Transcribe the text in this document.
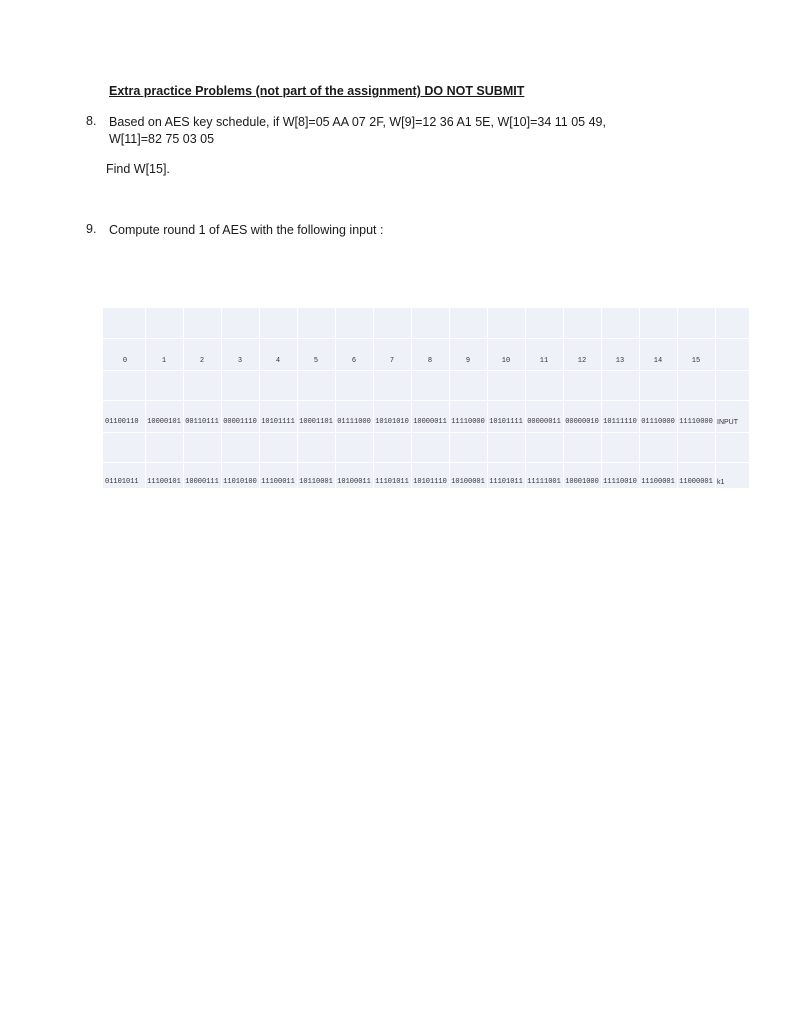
Extra practice Problems (not part of the assignment) DO NOT SUBMIT
8. Based on AES key schedule, if W[8]=05 AA 07 2F, W[9]=12 36 A1 5E, W[10]=34 11 05 49,
W[11]=82 75 03 05
Find W[15].
9. Compute round 1 of AES with the following input :
0	1	2	3	4	5	6	7	8	9	10	11	12	13	14	15
01100110	10000101 00110111 00001110 10101111 10001101 01111000 10101010 10000011 11110000 10101111 00000011 00000010 10111110 01110000 11110000 INPUT
01101011	11100101 10000111 11010100 11100011 10110001 10100011 11101011 10101110 10100001 11101011 11111001 10001000 11110010 11100001 11000001 k1
